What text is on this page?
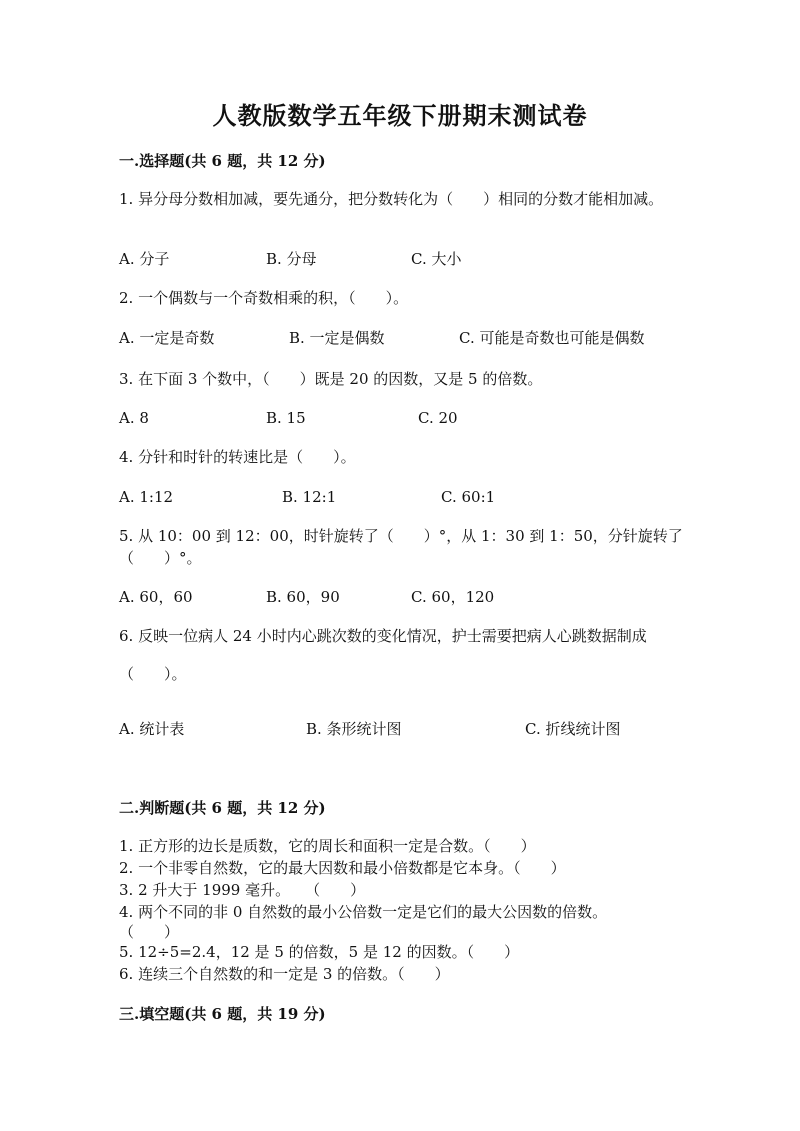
人教版数学五年级下册期末测试卷
一.选择题(共 6 题，共 12 分)
1. 异分母分数相加减，要先通分，把分数转化为（　　）相同的分数才能相加减。
A. 分子	B. 分母	C. 大小
2. 一个偶数与一个奇数相乘的积，（　　）。
A. 一定是奇数	B. 一定是偶数	C. 可能是奇数也可能是偶数
3. 在下面 3 个数中，（　　）既是 20 的因数，又是 5 的倍数。
A. 8	B. 15	C. 20
4. 分针和时针的转速比是（　　）。
A. 1:12	B. 12:1	C. 60:1
5. 从 10：00 到 12：00，时针旋转了（　　）°，从 1：30 到 1：50，分针旋转了（　　）°。
A. 60，60	B. 60，90	C. 60，120
6. 反映一位病人 24 小时内心跳次数的变化情况，护士需要把病人心跳数据制成
（　　）。
A. 统计表	B. 条形统计图	C. 折线统计图
二.判断题(共 6 题，共 12 分)
1. 正方形的边长是质数，它的周长和面积一定是合数。（　　）
2. 一个非零自然数，它的最大因数和最小倍数都是它本身。（　　）
3. 2 升大于 1999 毫升。　　（　　）
4. 两个不同的非 0 自然数的最小公倍数一定是它们的最大公因数的倍数。
（　　）
5. 12÷5=2.4，12 是 5 的倍数，5 是 12 的因数。（　　）
6. 连续三个自然数的和一定是 3 的倍数。（　　）
三.填空题(共 6 题，共 19 分)
